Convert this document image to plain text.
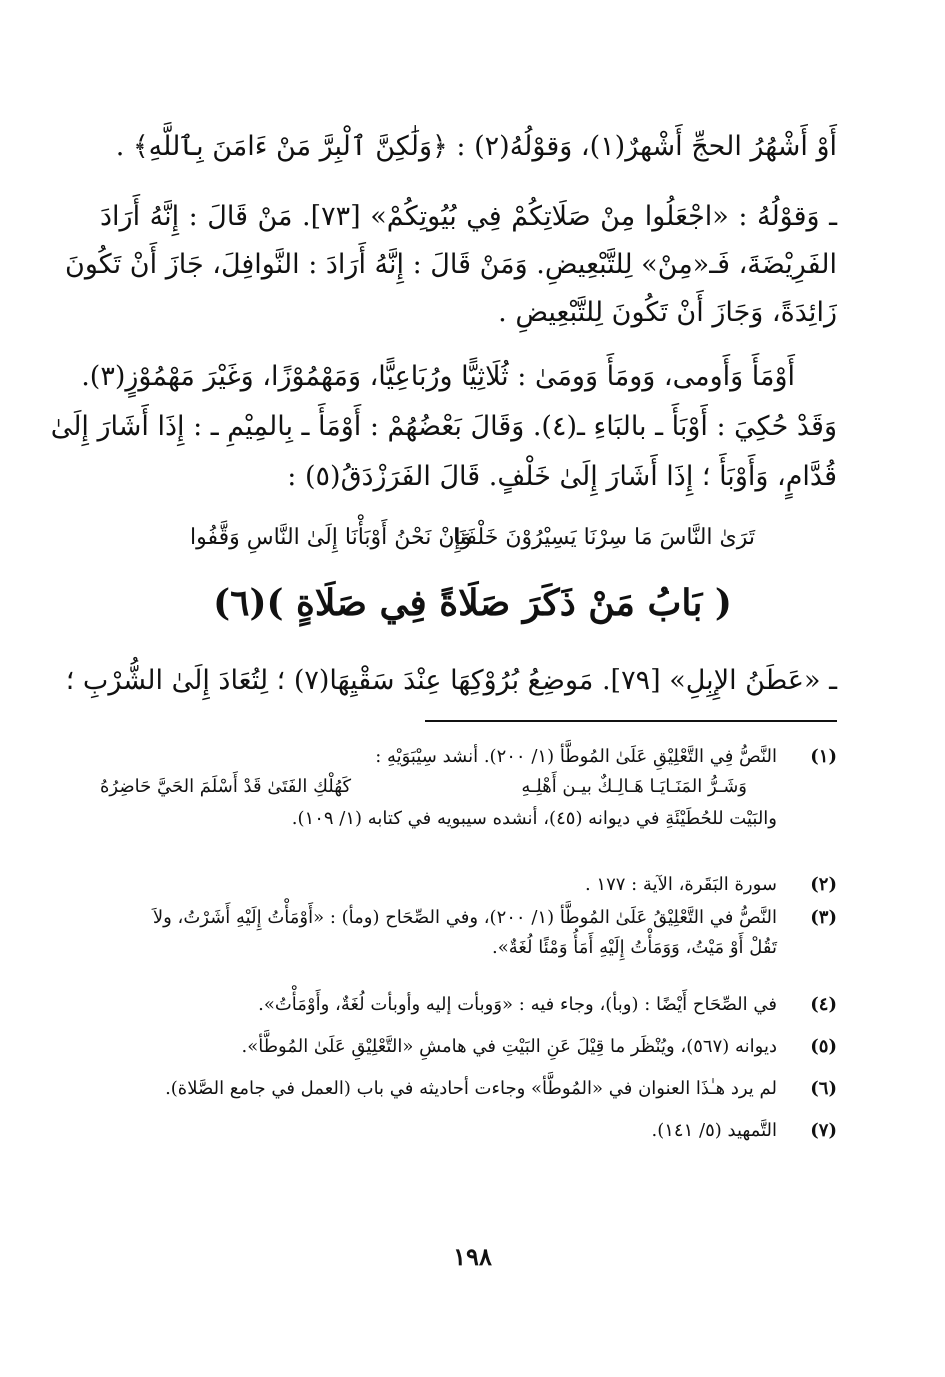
أَوْ أَشْهُرُ الحجِّ أَشْهرٌ(١)، وَقوْلُهُ(٢) : ﴿وَلَٰكِنَّ ٱلْبِرَّ مَنْ ءَامَنَ بِٱللَّهِ﴾ .
ـ وَقوْلُهُ : «اجْعَلُوا مِنْ صَلَاتِكُمْ فِي بُيُوتِكُمْ» [٧٣]. مَنْ قَالَ : إِنَّهُ أَرَادَ
الفَرِيْضَةَ، فَـ«مِنْ» لِلتَّبْعِيضِ. وَمَنْ قَالَ : إِنَّهُ أَرَادَ : النَّوافِلَ، جَازَ أَنْ تَكُونَ
زَائِدَةً، وَجَازَ أَنْ تَكُونَ لِلتَّبْعِيضِ .
أَوْمَأَ وَأَومى، وَومَأَ وَومَىٰ : ثُلَاثِيًّا ورُبَاعِيًّا، وَمَهْمُوْزًا، وَغَيْرَ مَهْمُوْزٍ(٣).
وَقَدْ حُكِيَ : أَوْبَأَ ـ بالبَاءِ ـ(٤). وَقَالَ بَعْضُهُمْ : أَوْمَأَ ـ بِالمِيْمِ ـ : إِذَا أَشَارَ إِلَىٰ
قُدَّامٍ، وَأَوْبَأَ ؛ إِذَا أَشَارَ إِلَىٰ خَلْفٍ. قَالَ الفَرَزْدَقُ(٥) :
تَرَىٰ النَّاسَ مَا سِرْنَا يَسِيْرُوْنَ خَلْفَنَا
وَإِنْ نَحْنُ أَوْبَأْنَا إِلَىٰ النَّاسِ وَقَّفُوا
( بَابُ مَنْ ذَكَرَ صَلَاةً فِي صَلَاةٍ )(٦)
ـ «عَطَنُ الإِبِلِ» [٧٩]. مَوضِعُ بُرُوْكِهَا عِنْدَ سَقْيِهَا(٧) ؛ لِتُعَادَ إِلَىٰ الشُّرْبِ ؛
(١)
النَّصُّ فِي التَّعْلِيْقِ عَلَىٰ المُوطَّأ (١/ ٢٠٠). أنشد سِيْبَوَيْهِ :
وَشَـرُّ المَنَـايَـا هَـالِـكٌ بيـن أَهْلِـهِ
كَهُلْكِ الفَتَىٰ قَدْ أَسْلَمَ الحَيَّ حَاضِرُهُ
والبَيْت للحُطَيْئَةِ في ديوانه (٤٥)، أنشده سيبويه في كتابه (١/ ١٠٩).
(٢)
سورة البَقَرة، الآية : ١٧٧ .
(٣)
النَّصُّ في التَّعْلِيْقُ عَلَىٰ المُوطَّأ (١/ ٢٠٠)، وفي الصِّحَاح (ومأ) : «أَوْمَأْتُ إِلَيْهِ أَشَرْتُ، ولاَ
تَقُلْ أَوْ مَيْتُ، وَوَمَأْتُ إِلَيْهِ أَمَأُ وَمْئًا لُغَةٌ».
(٤)
في الصِّحَاح أَيْضًا : (وبأ)، وجاء فيه : «وَوبأت إليه وأوبأت لُغَةٌ، وأَوْمَأْتُ».
(٥)
ديوانه (٥٦٧)، ويُنْظَر ما قِيْلَ عَنِ البَيْتِ في هامشِ «التَّعْلِيْقِ عَلَىٰ المُوطَّأ».
(٦)
لم يرد هـٰذَا العنوان في «المُوطَّأ» وجاءت أحاديثه في باب (العمل في جامع الصَّلاة).
(٧)
التَّمهيد (٥/ ١٤١).
١٩٨
